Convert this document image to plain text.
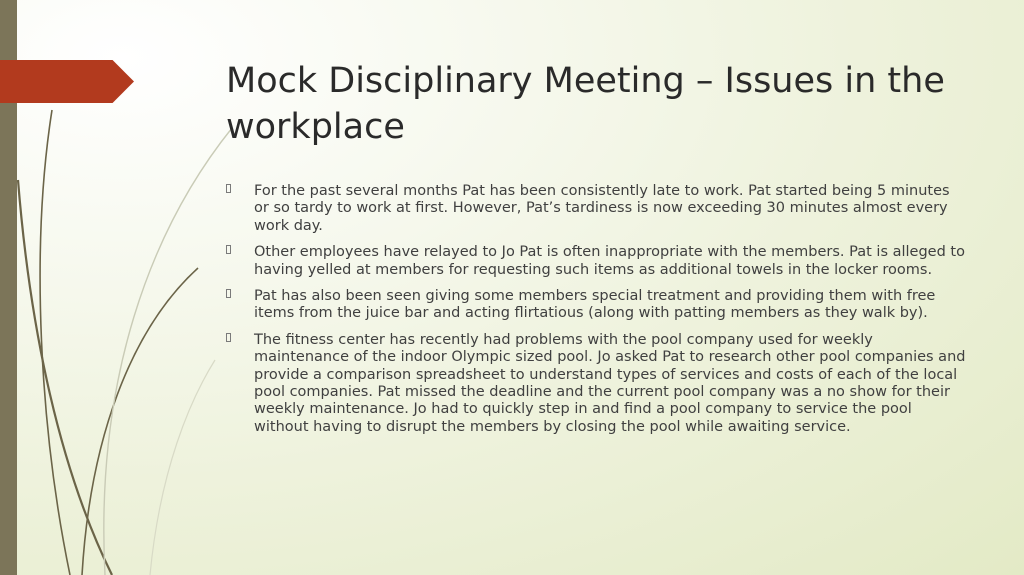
Mock Disciplinary Meeting – Issues in the workplace
For the past several months Pat has been consistently late to work. Pat started being 5 minutes or so tardy to work at first. However, Pat’s tardiness is now exceeding 30 minutes almost every work day.
Other employees have relayed to Jo Pat is often inappropriate with the members. Pat is alleged to having yelled at members for requesting such items as additional towels in the locker rooms.
Pat has also been seen giving some members special treatment and providing them with free items from the juice bar and acting flirtatious (along with patting members as they walk by).
The fitness center has recently had problems with the pool company used for weekly maintenance of the indoor Olympic sized pool. Jo asked Pat to research other pool companies and provide a comparison spreadsheet to understand types of services and costs of each of the local pool companies. Pat missed the deadline and the current pool company was a no show for their weekly maintenance. Jo had to quickly step in and find a pool company to service the pool without having to disrupt the members by closing the pool while awaiting service.
